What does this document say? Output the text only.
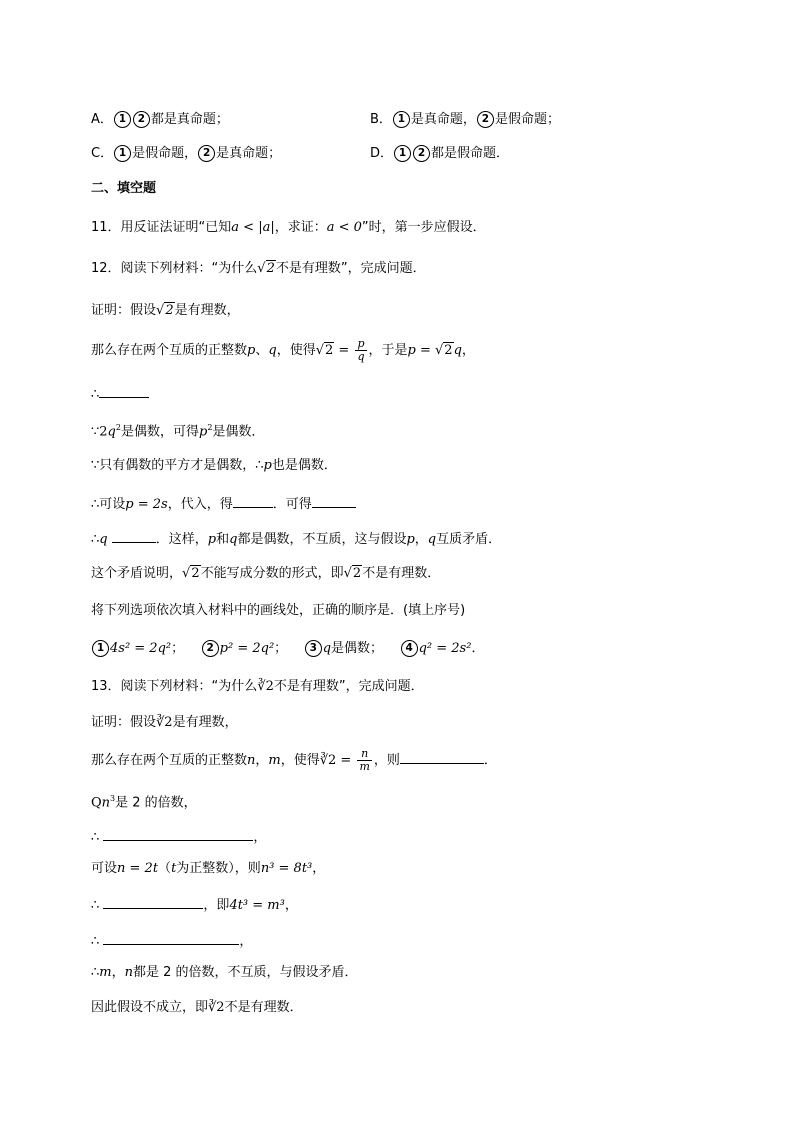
A． 1 2 都是真命题；	B． 1 是真命题， 2 是假命题；
C． 1 是假命题， 2 是真命题；	D． 1 2 都是假命题．
二、填空题
11．用反证法证明“已知a < |a|，求证：a < 0”时，第一步应假设．
12．阅读下列材料：“为什么√2不是有理数”，完成问题．
证明：假设√2是有理数，
那么存在两个互质的正整数p、q，使得$√2 = \frac{p}{q}$ ，于是p = √2q，
∴
$\because 2q^2$是偶数，可得$p^2$是偶数．
∵只有偶数的平方才是偶数，∴p也是偶数．
∴可设p = 2s，代入，得	．可得
∴q	．这样，p和q都是偶数，不互质，这与假设p，q互质矛盾．
这个矛盾说明，√2不能写成分数的形式，即√2不是有理数．
将下列选项依次填入材料中的画线处，正确的顺序是．(填上序号)
1 4s² = 2q²； 2 p² = 2q²； 3 q是偶数； 4 q² = 2s²．
13．阅读下列材料：“为什么∛2不是有理数”，完成问题．
证明：假设∛2是有理数，
那么存在两个互质的正整数n，m，使得∛2 = $\frac{n}{m}$ ，则	．
Qn$^3$是 2 的倍数，
∴	，
可设n = 2t（t为正整数），则n³ = 8t³，
∴	，即4t³ = m³，
∴	，
∴m，n都是 2 的倍数，不互质，与假设矛盾．
因此假设不成立，即∛2不是有理数．
